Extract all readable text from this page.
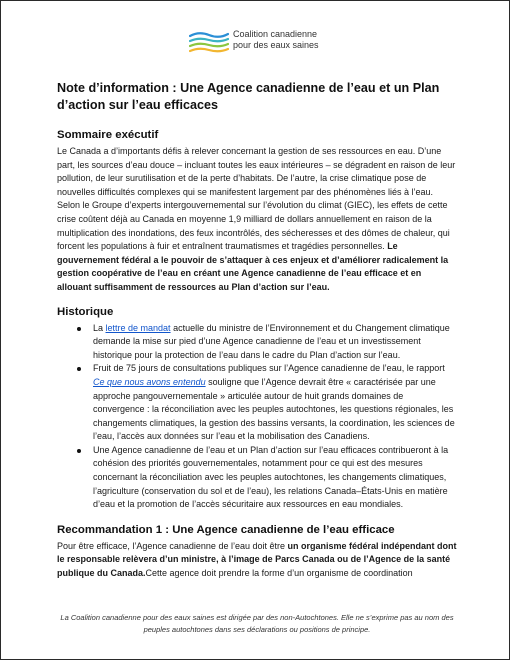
Coalition canadienne
pour des eaux saines
Note d’information : Une Agence canadienne de l’eau et un Plan d’action sur l’eau efficaces
Sommaire exécutif

Le Canada a d’importants défis à relever concernant la gestion de ses ressources en eau. D’une part, les sources d’eau douce – incluant toutes les eaux intérieures – se dégradent en raison de leur pollution, de leur surutilisation et de la perte d’habitats. De l’autre, la crise climatique pose de nouvelles difficultés complexes qui se manifestent largement par des phénomènes liés à l’eau. Selon le Groupe d’experts intergouvernemental sur l’évolution du climat (GIEC), les effets de cette crise coûtent déjà au Canada en moyenne 1,9 milliard de dollars annuellement en raison de la multiplication des inondations, des feux incontrôlés, des sécheresses et des dômes de chaleur, qui forcent les populations à fuir et entraînent traumatismes et tragédies personnelles. Le gouvernement fédéral a le pouvoir de s’attaquer à ces enjeux et d’améliorer radicalement la gestion coopérative de l’eau en créant une Agence canadienne de l’eau efficace et en allouant suffisamment de ressources au Plan d’action sur l’eau.

Historique
La lettre de mandat actuelle du ministre de l’Environnement et du Changement climatique demande la mise sur pied d’une Agence canadienne de l’eau et un investissement historique pour la protection de l’eau dans le cadre du Plan d’action sur l’eau.
Fruit de 75 jours de consultations publiques sur l’Agence canadienne de l’eau, le rapport Ce que nous avons entendu souligne que l’Agence devrait être « caractérisée par une approche pangouvernementale » articulée autour de huit grands domaines de convergence : la réconciliation avec les peuples autochtones, les questions régionales, les changements climatiques, la gestion des bassins versants, la coordination, les sciences de l’eau, l’accès aux données sur l’eau et la mobilisation des Canadiens.
Une Agence canadienne de l’eau et un Plan d’action sur l’eau efficaces contribueront à la cohésion des priorités gouvernementales, notamment pour ce qui est des mesures concernant la réconciliation avec les peuples autochtones, les changements climatiques, l’agriculture (conservation du sol et de l’eau), les relations Canada–États-Unis en matière d’eau et la promotion de l’accès sécuritaire aux ressources en eau mondiales.
Recommandation 1 : Une Agence canadienne de l’eau efficace

Pour être efficace, l’Agence canadienne de l’eau doit être un organisme fédéral indépendant dont le responsable relèvera d’un ministre, à l’image de Parcs Canada ou de l’Agence de la santé publique du Canada.Cette agence doit prendre la forme d’un organisme de coordination

La Coalition canadienne pour des eaux saines est dirigée par des non-Autochtones. Elle ne s’exprime pas au nom des peuples autochtones dans ses déclarations ou positions de principe.
